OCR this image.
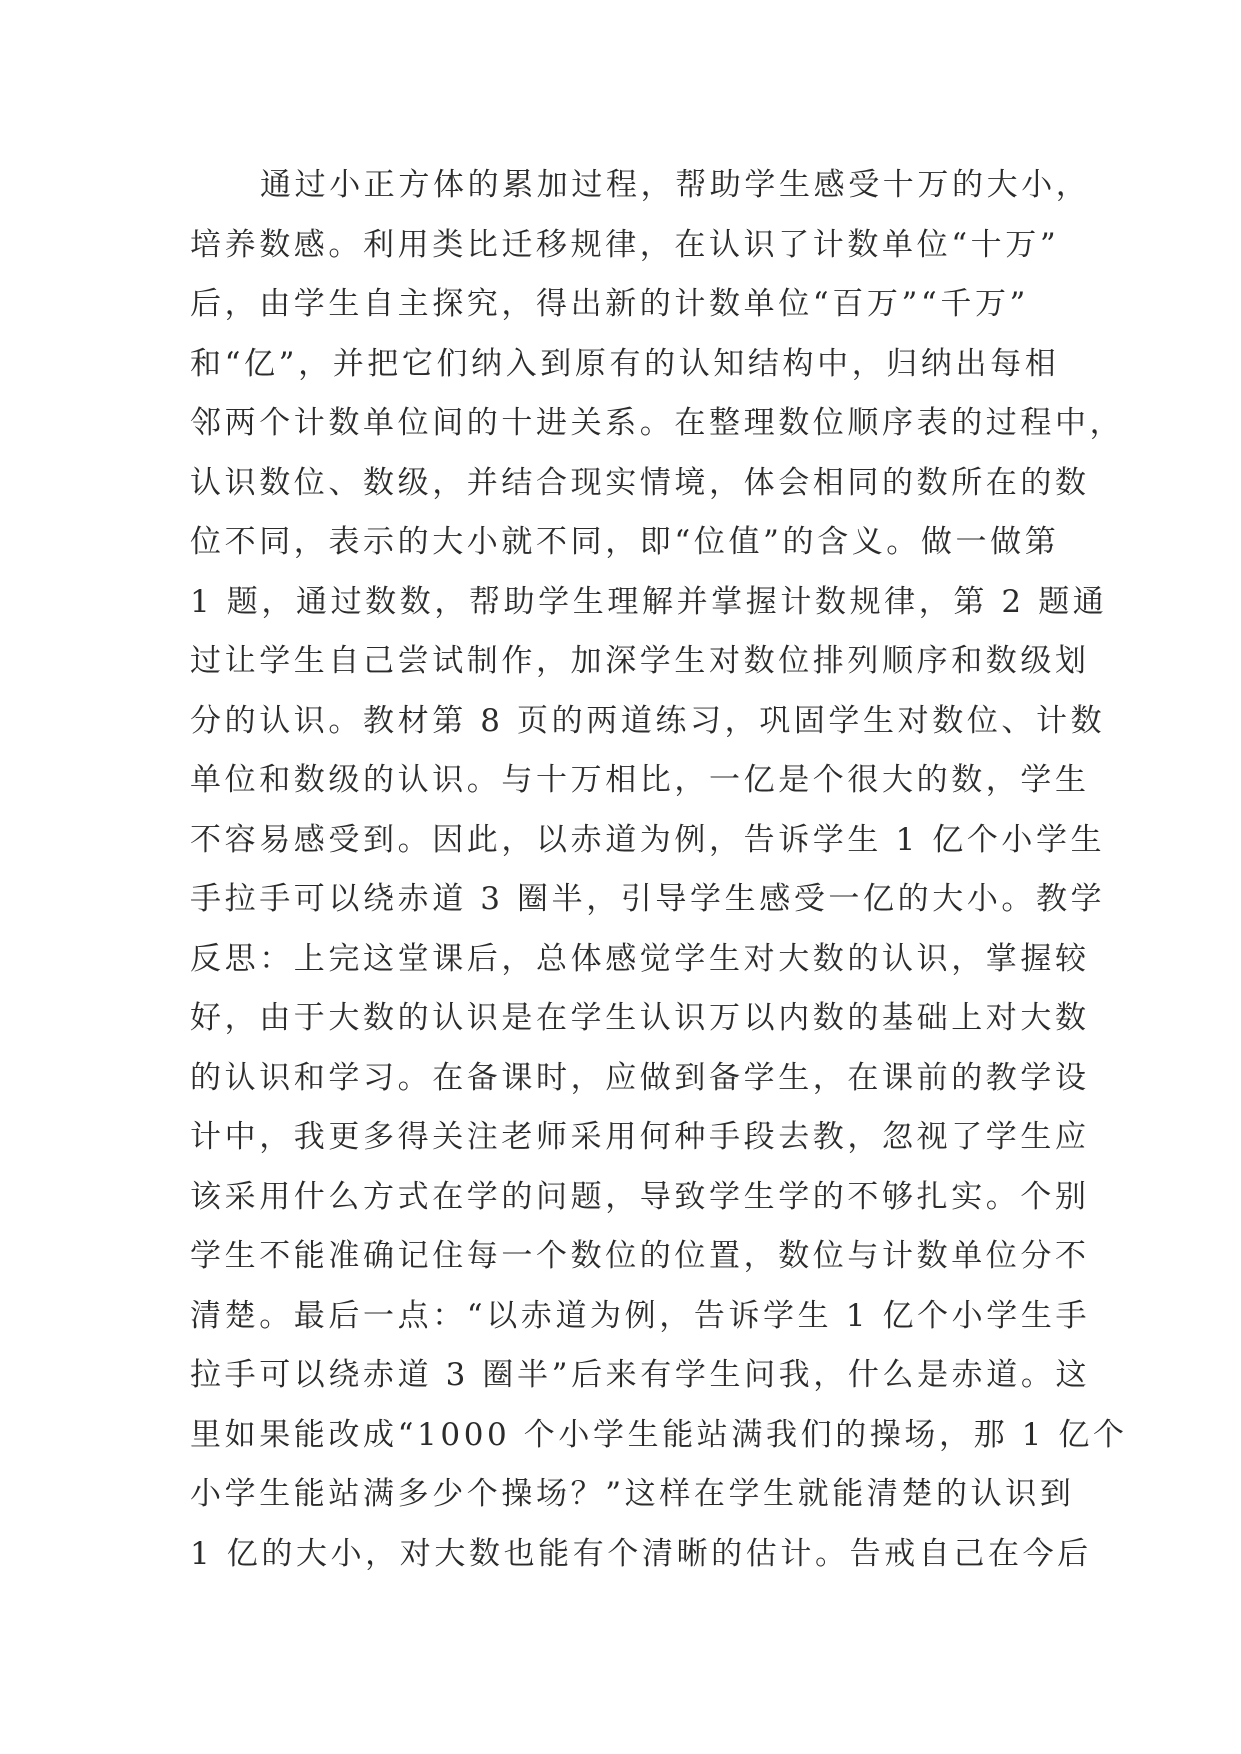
通过小正方体的累加过程，帮助学生感受十万的大小，
培养数感。利用类比迁移规律，在认识了计数单位“十万”
后，由学生自主探究，得出新的计数单位“百万”“千万”
和“亿”，并把它们纳入到原有的认知结构中，归纳出每相
邻两个计数单位间的十进关系。在整理数位顺序表的过程中，
认识数位、数级，并结合现实情境，体会相同的数所在的数
位不同，表示的大小就不同，即“位值”的含义。做一做第
1 题，通过数数，帮助学生理解并掌握计数规律，第 2 题通
过让学生自己尝试制作，加深学生对数位排列顺序和数级划
分的认识。教材第 8 页的两道练习，巩固学生对数位、计数
单位和数级的认识。与十万相比，一亿是个很大的数，学生
不容易感受到。因此，以赤道为例，告诉学生 1 亿个小学生
手拉手可以绕赤道 3 圈半，引导学生感受一亿的大小。教学
反思：上完这堂课后，总体感觉学生对大数的认识，掌握较
好，由于大数的认识是在学生认识万以内数的基础上对大数
的认识和学习。在备课时，应做到备学生，在课前的教学设
计中，我更多得关注老师采用何种手段去教，忽视了学生应
该采用什么方式在学的问题，导致学生学的不够扎实。个别
学生不能准确记住每一个数位的位置，数位与计数单位分不
清楚。最后一点：“以赤道为例，告诉学生 1 亿个小学生手
拉手可以绕赤道 3 圈半”后来有学生问我，什么是赤道。这
里如果能改成“1000 个小学生能站满我们的操场，那 1 亿个
小学生能站满多少个操场？”这样在学生就能清楚的认识到
1 亿的大小，对大数也能有个清晰的估计。告戒自己在今后
